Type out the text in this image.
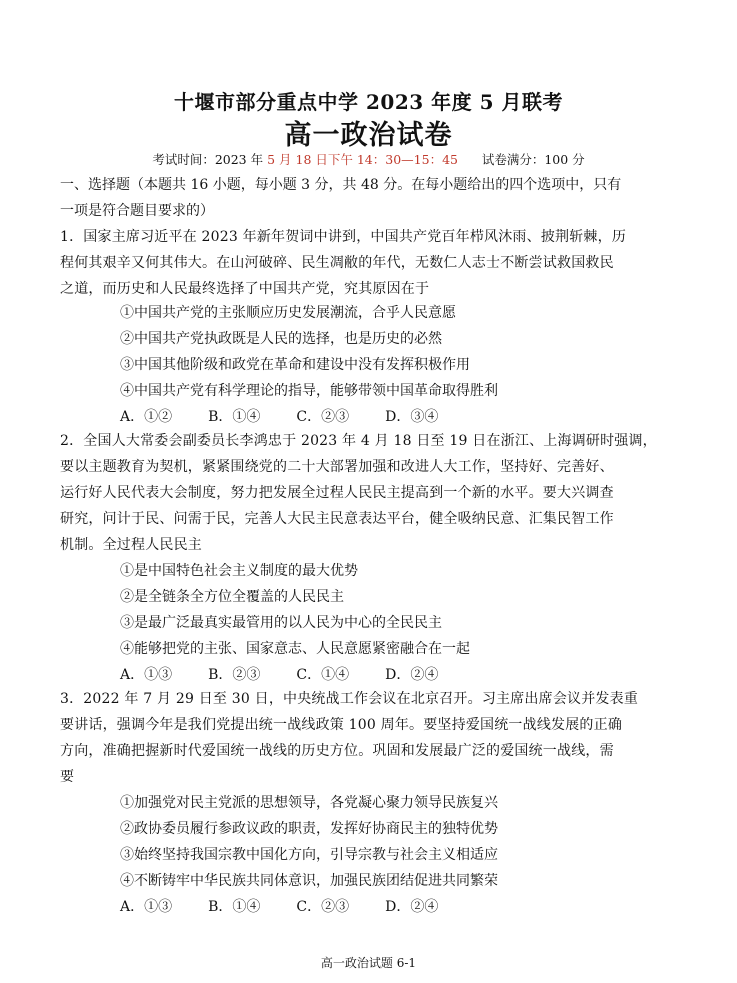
十堰市部分重点中学 2023 年度 5 月联考
高一政治试卷
考试时间：2023 年 5 月 18 日下午 14：30—15：45 试卷满分：100 分
一、选择题（本题共 16 小题，每小题 3 分，共 48 分。在每小题给出的四个选项中，只有
一项是符合题目要求的）
1．国家主席习近平在 2023 年新年贺词中讲到，中国共产党百年栉风沐雨、披荆斩棘，历
程何其艰辛又何其伟大。在山河破碎、民生凋敝的年代，无数仁人志士不断尝试救国救民
之道，而历史和人民最终选择了中国共产党，究其原因在于
①中国共产党的主张顺应历史发展潮流，合乎人民意愿
②中国共产党执政既是人民的选择，也是历史的必然
③中国其他阶级和政党在革命和建设中没有发挥积极作用
④中国共产党有科学理论的指导，能够带领中国革命取得胜利
A．①②	B．①④	C．②③	D．③④
2．全国人大常委会副委员长李鸿忠于 2023 年 4 月 18 日至 19 日在浙江、上海调研时强调，
要以主题教育为契机，紧紧围绕党的二十大部署加强和改进人大工作，坚持好、完善好、
运行好人民代表大会制度，努力把发展全过程人民民主提高到一个新的水平。要大兴调查
研究，问计于民、问需于民，完善人大民主民意表达平台，健全吸纳民意、汇集民智工作
机制。全过程人民民主
①是中国特色社会主义制度的最大优势
②是全链条全方位全覆盖的人民民主
③是最广泛最真实最管用的以人民为中心的全民民主
④能够把党的主张、国家意志、人民意愿紧密融合在一起
A．①③	B．②③	C．①④	D．②④
3．2022 年 7 月 29 日至 30 日，中央统战工作会议在北京召开。习主席出席会议并发表重
要讲话，强调今年是我们党提出统一战线政策 100 周年。要坚持爱国统一战线发展的正确
方向，准确把握新时代爱国统一战线的历史方位。巩固和发展最广泛的爱国统一战线，需
要
①加强党对民主党派的思想领导，各党凝心聚力领导民族复兴
②政协委员履行参政议政的职责，发挥好协商民主的独特优势
③始终坚持我国宗教中国化方向，引导宗教与社会主义相适应
④不断铸牢中华民族共同体意识，加强民族团结促进共同繁荣
A．①③	B．①④	C．②③	D．②④
高一政治试题 6-1
